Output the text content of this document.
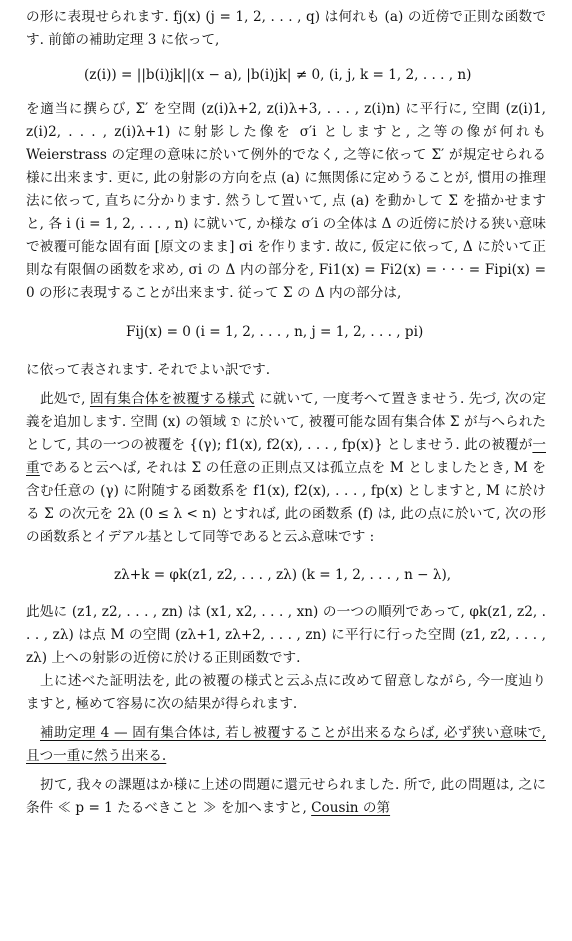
の形に表現せられます. fj(x) (j = 1, 2, . . . , q) は何れも (a) の近傍で正則な函数です. 前節の補助定理 3 に依って,

(z(i)) = ||b(i)jk||(x − a), |b(i)jk| ≠ 0, (i, j, k = 1, 2, . . . , n)

を適当に撰らび, Σ′ を空間 (z(i)λ+2, z(i)λ+3, . . . , z(i)n) に平行に, 空間 (z(i)1, z(i)2, . . . , z(i)λ+1) に射影した像を σ′i としますと, 之等の像が何れも Weierstrass の定理の意味に於いて例外的でなく, 之等に依って Σ′ が規定せられる様に出来ます. 更に, 此の射影の方向を点 (a) に無関係に定めうることが, 慣用の推理法に依って, 直ちに分かります. 然うして置いて, 点 (a) を動かして Σ を描かせますと, 各 i (i = 1, 2, . . . , n) に就いて, か様な σ′i の全体は Δ の近傍に於ける狭い意味で被覆可能な固有面 [原文のまま] σi を作ります. 故に, 仮定に依って, Δ に於いて正則な有限個の函数を求め, σi の Δ 内の部分を, Fi1(x) = Fi2(x) = · · · = Fipi(x) = 0 の形に表現することが出来ます. 従って Σ の Δ 内の部分は,

Fij(x) = 0 (i = 1, 2, . . . , n, j = 1, 2, . . . , pi)

に依って表されます. それでよい訳です.

此処で, 固有集合体を被覆する様式 に就いて, 一度考へて置きませう. 先づ, 次の定義を追加します. 空間 (x) の領域 𝔇 に於いて, 被覆可能な固有集合体 Σ が与へられたとして, 其の一つの被覆を {(γ); f1(x), f2(x), . . . , fp(x)} としませう. 此の被覆が一重であると云へば, それは Σ の任意の正則点又は孤立点を M としましたとき, M を含む任意の (γ) に附随する函数系を f1(x), f2(x), . . . , fp(x) としますと, M に於ける Σ の次元を 2λ (0 ≤ λ < n) とすれば, 此の函数系 (f) は, 此の点に於いて, 次の形の函数系とイデアル基として同等であると云ふ意味です :

zλ+k = φk(z1, z2, . . . , zλ) (k = 1, 2, . . . , n − λ),

此処に (z1, z2, . . . , zn) は (x1, x2, . . . , xn) の一つの順列であって, φk(z1, z2, . . . , zλ) は点 M の空間 (zλ+1, zλ+2, . . . , zn) に平行に行った空間 (z1, z2, . . . , zλ) 上への射影の近傍に於ける正則函数です.

上に述べた証明法を, 此の被覆の様式と云ふ点に改めて留意しながら, 今一度辿りますと, 極めて容易に次の結果が得られます.

補助定理 4 — 固有集合体は, 若し被覆することが出来るならば, 必ず狭い意味で, 且つ一重に然う出来る.

扨て, 我々の課題はか様に上述の問題に還元せられました. 所で, 此の問題は, 之に条件 ≪ p = 1 たるべきこと ≫ を加へますと, Cousin の第
